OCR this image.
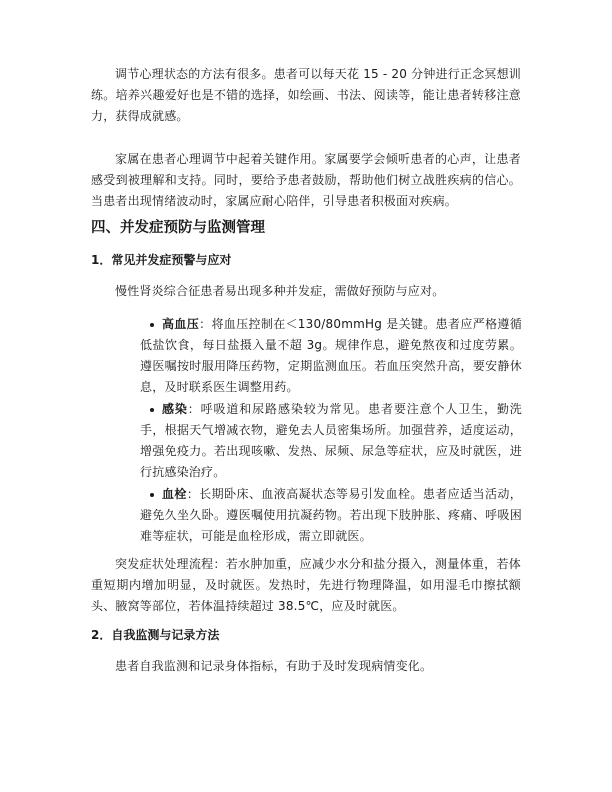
调节心理状态的方法有很多。患者可以每天花 15 - 20 分钟进行正念冥想训练。培养兴趣爱好也是不错的选择，如绘画、书法、阅读等，能让患者转移注意力，获得成就感。

家属在患者心理调节中起着关键作用。家属要学会倾听患者的心声，让患者感受到被理解和支持。同时，要给予患者鼓励，帮助他们树立战胜疾病的信心。当患者出现情绪波动时，家属应耐心陪伴，引导患者积极面对疾病。

四、并发症预防与监测管理
1．常见并发症预警与应对

慢性肾炎综合征患者易出现多种并发症，需做好预防与应对。

高血压：将血压控制在＜130/80mmHg 是关键。患者应严格遵循低盐饮食，每日盐摄入量不超 3g。规律作息，避免熬夜和过度劳累。遵医嘱按时服用降压药物，定期监测血压。若血压突然升高，要安静休息，及时联系医生调整用药。
感染：呼吸道和尿路感染较为常见。患者要注意个人卫生，勤洗手，根据天气增减衣物，避免去人员密集场所。加强营养，适度运动，增强免疫力。若出现咳嗽、发热、尿频、尿急等症状，应及时就医，进行抗感染治疗。
血栓：长期卧床、血液高凝状态等易引发血栓。患者应适当活动，避免久坐久卧。遵医嘱使用抗凝药物。若出现下肢肿胀、疼痛、呼吸困难等症状，可能是血栓形成，需立即就医。

突发症状处理流程：若水肿加重，应减少水分和盐分摄入，测量体重，若体重短期内增加明显，及时就医。发热时，先进行物理降温，如用湿毛巾擦拭额头、腋窝等部位，若体温持续超过 38.5℃，应及时就医。

2．自我监测与记录方法

患者自我监测和记录身体指标，有助于及时发现病情变化。
